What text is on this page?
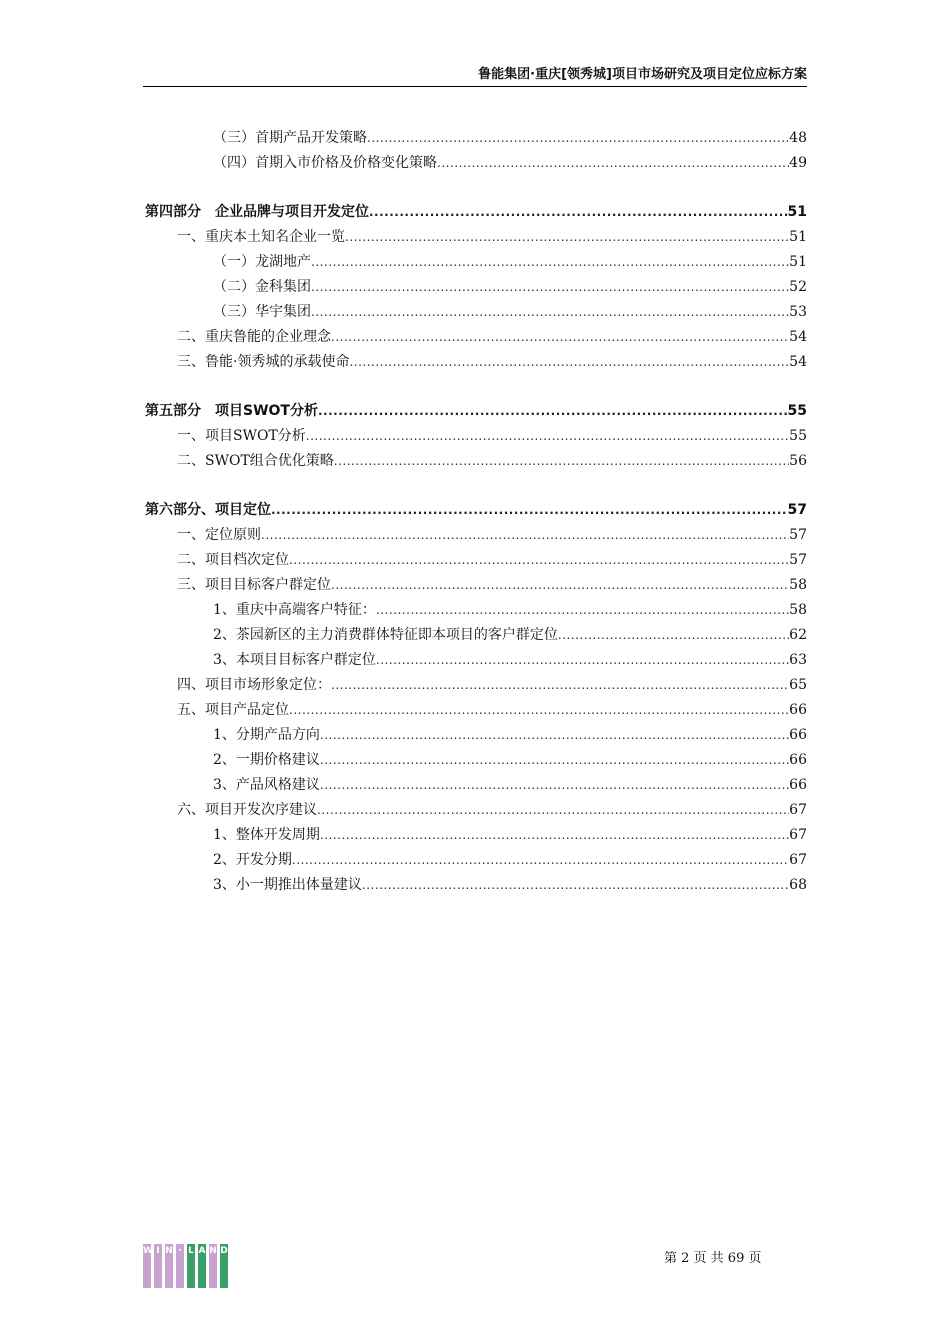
鲁能集团·重庆[领秀城]项目市场研究及项目定位应标方案
（三）首期产品开发策略 .....	48
（四）首期入市价格及价格变化策略 .....	49
第四部分　企业品牌与项目开发定位 .....	51
一、重庆本土知名企业一览 .....	51
（一）龙湖地产 .....	51
（二）金科集团 .....	52
（三）华宇集团 .....	53
二、重庆鲁能的企业理念 .....	54
三、鲁能·领秀城的承载使命 .....	54
第五部分　项目SWOT分析 .....	55
一、项目SWOT分析 .....	55
二、SWOT组合优化策略 .....	56
第六部分、项目定位 .....	57
一、定位原则 .....	57
二、项目档次定位 .....	57
三、项目目标客户群定位 .....	58
1、重庆中高端客户特征： .....	58
2、茶园新区的主力消费群体特征即本项目的客户群定位 .....	62
3、本项目目标客户群定位 .....	63
四、项目市场形象定位： .....	65
五、项目产品定位 .....	66
1、分期产品方向 .....	66
2、一期价格建议 .....	66
3、产品风格建议 .....	66
六、项目开发次序建议 .....	67
1、整体开发周期 .....	67
2、开发分期 .....	67
3、小一期推出体量建议 .....	68
W I N · L A N D	第 2 页 共 69 页
